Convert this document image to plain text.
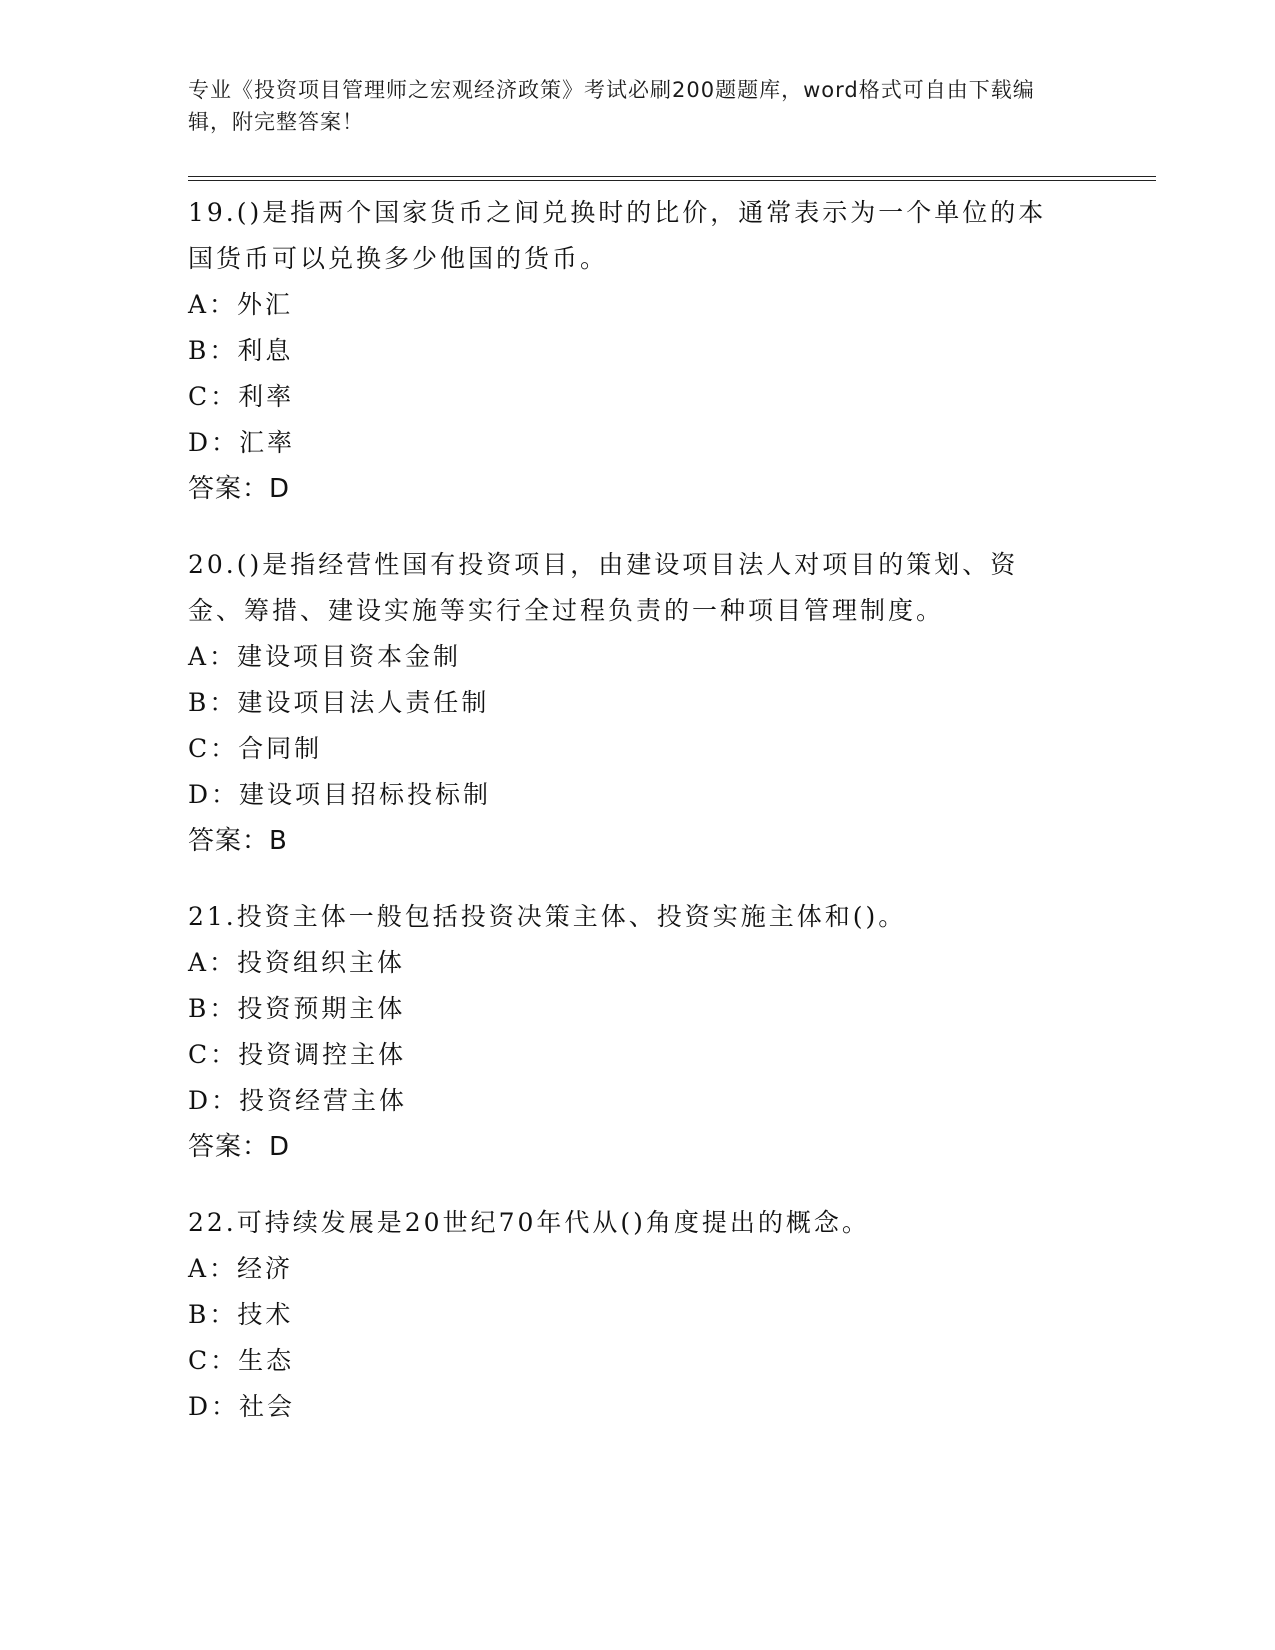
专业《投资项目管理师之宏观经济政策》考试必刷200题题库，word格式可自由下载编辑，附完整答案！

19.()是指两个国家货币之间兑换时的比价，通常表示为一个单位的本国货币可以兑换多少他国的货币。

A：外汇

B：利息

C：利率

D：汇率

答案：D

20.()是指经营性国有投资项目，由建设项目法人对项目的策划、资金、筹措、建设实施等实行全过程负责的一种项目管理制度。

A：建设项目资本金制

B：建设项目法人责任制

C：合同制

D：建设项目招标投标制

答案：B

21.投资主体一般包括投资决策主体、投资实施主体和()。

A：投资组织主体

B：投资预期主体

C：投资调控主体

D：投资经营主体

答案：D

22.可持续发展是20世纪70年代从()角度提出的概念。

A：经济

B：技术

C：生态

D：社会
